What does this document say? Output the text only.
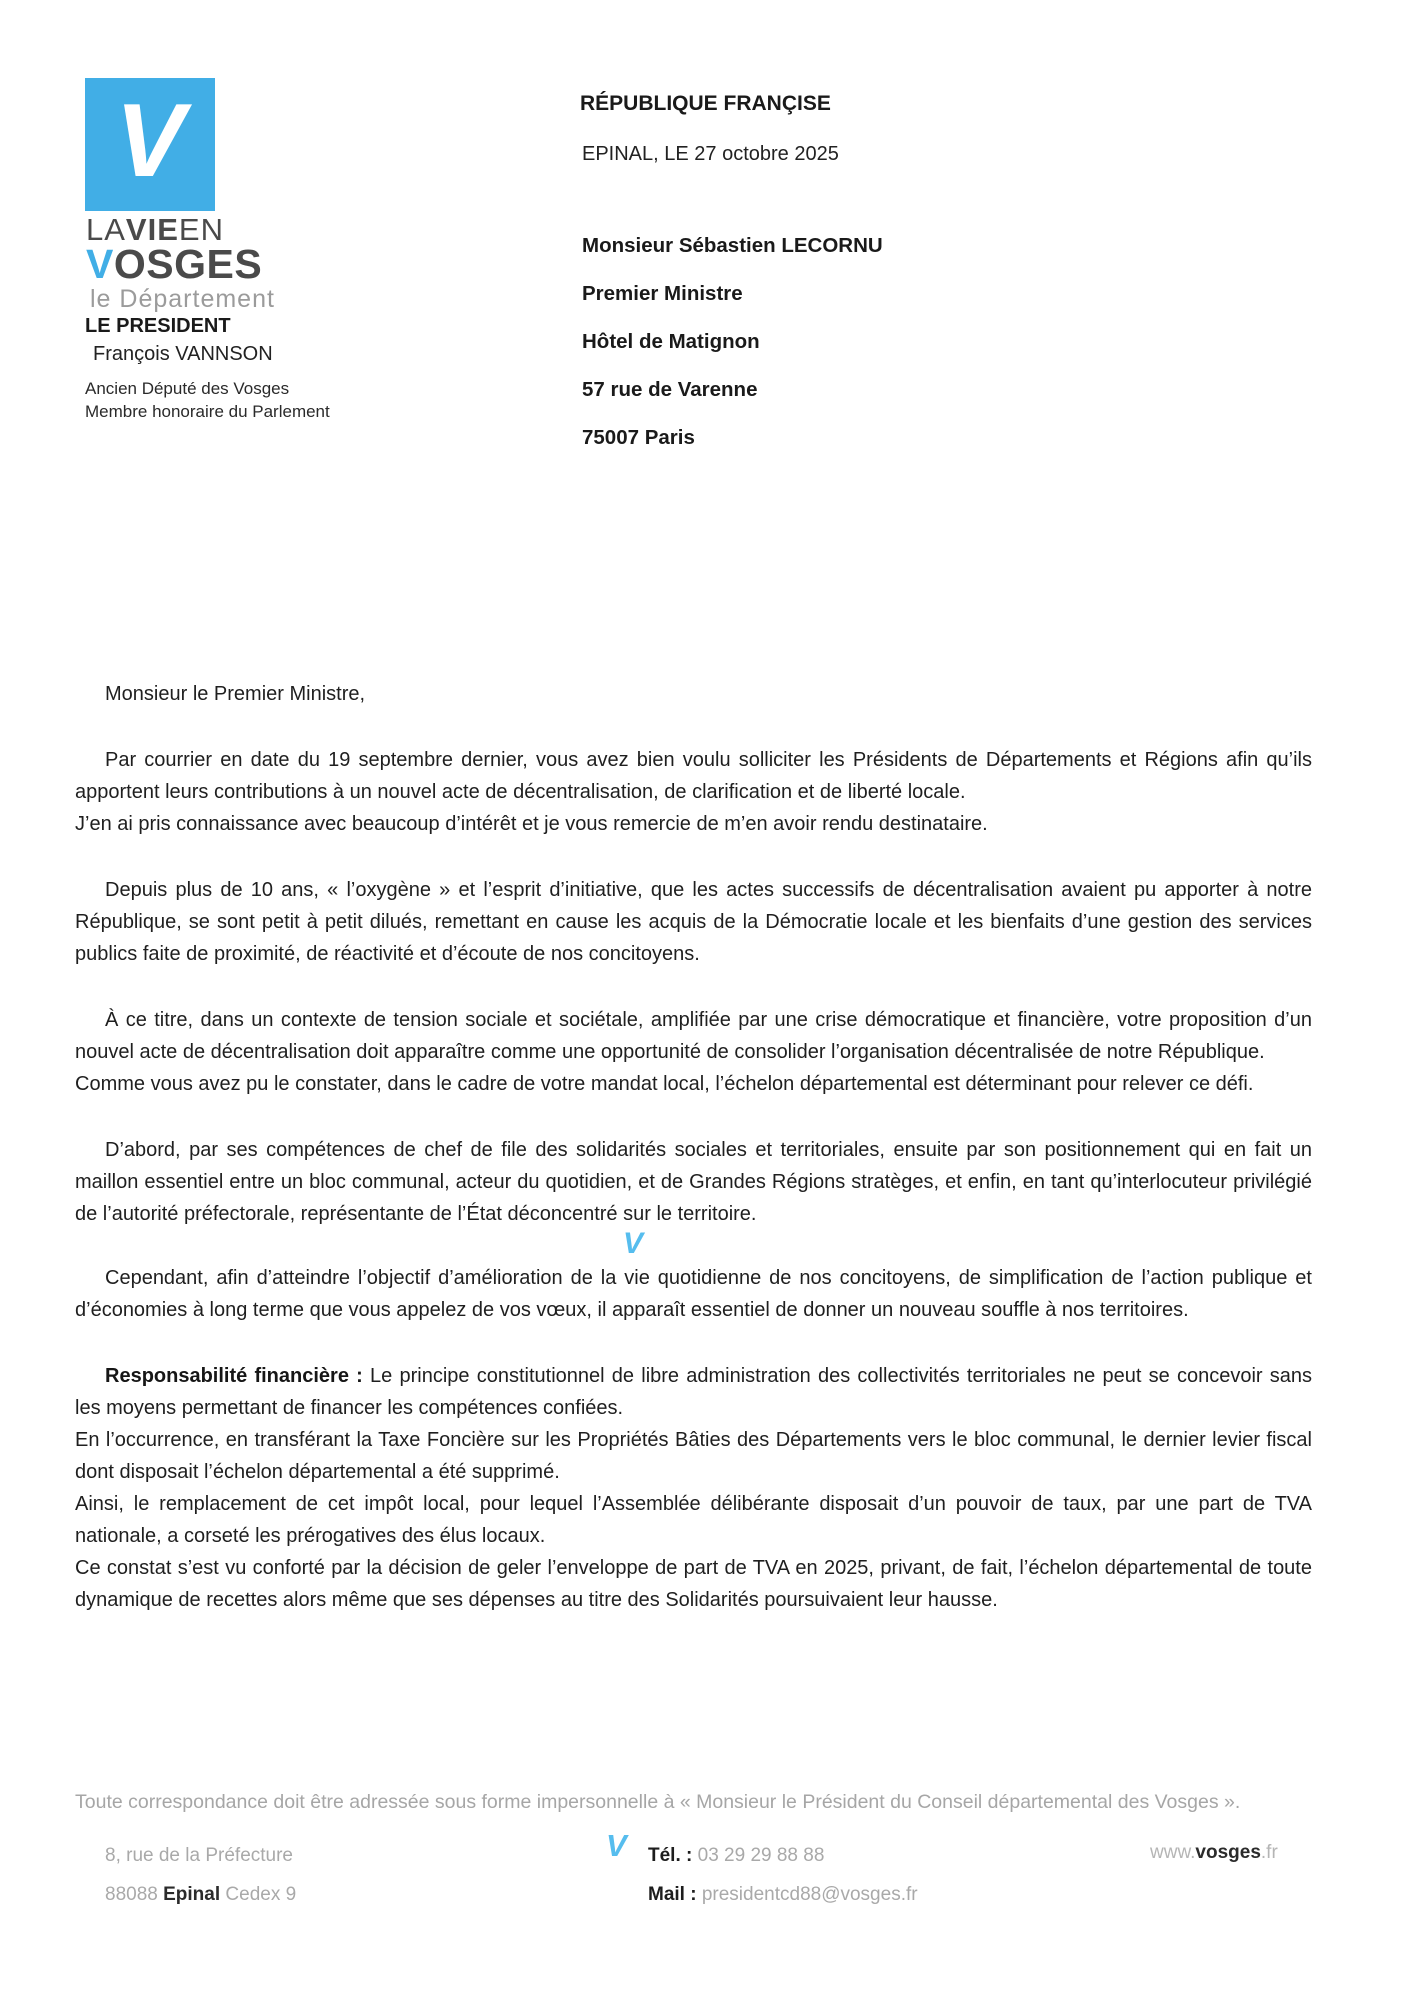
V
LAVIEEN
VOSGES
le Département
LE PRESIDENT
François VANNSON
Ancien Député des Vosges
Membre honoraire du Parlement
RÉPUBLIQUE FRANÇISE
EPINAL, LE 27 octobre 2025
Monsieur Sébastien LECORNU
Premier Ministre
Hôtel de Matignon
57 rue de Varenne
75007 Paris
Monsieur le Premier Ministre,
Par courrier en date du 19 septembre dernier, vous avez bien voulu solliciter les Présidents de Départements et Régions afin qu’ils apportent leurs contributions à un nouvel acte de décentralisation, de clarification et de liberté locale.
J’en ai pris connaissance avec beaucoup d’intérêt et je vous remercie de m’en avoir rendu destinataire.
Depuis plus de 10 ans, « l’oxygène » et l’esprit d’initiative, que les actes successifs de décentralisation avaient pu apporter à notre République, se sont petit à petit dilués, remettant en cause les acquis de la Démocratie locale et les bienfaits d’une gestion des services publics faite de proximité, de réactivité et d’écoute de nos concitoyens.
À ce titre, dans un contexte de tension sociale et sociétale, amplifiée par une crise démocratique et financière, votre proposition d’un nouvel acte de décentralisation doit apparaître comme une opportunité de consolider l’organisation décentralisée de notre République.
Comme vous avez pu le constater, dans le cadre de votre mandat local, l’échelon départemental est déterminant pour relever ce défi.
D’abord, par ses compétences de chef de file des solidarités sociales et territoriales, ensuite par son positionnement qui en fait un maillon essentiel entre un bloc communal, acteur du quotidien, et de Grandes Régions stratèges, et enfin, en tant qu’interlocuteur privilégié de l’autorité préfectorale, représentante de l’État déconcentré sur le territoire.
V
Cependant, afin d’atteindre l’objectif d’amélioration de la vie quotidienne de nos concitoyens, de simplification de l’action publique et d’économies à long terme que vous appelez de vos vœux, il apparaît essentiel de donner un nouveau souffle à nos territoires.
Responsabilité financière : Le principe constitutionnel de libre administration des collectivités territoriales ne peut se concevoir sans les moyens permettant de financer les compétences confiées.
En l’occurrence, en transférant la Taxe Foncière sur les Propriétés Bâties des Départements vers le bloc communal, le dernier levier fiscal dont disposait l’échelon départemental a été supprimé.
Ainsi, le remplacement de cet impôt local, pour lequel l’Assemblée délibérante disposait d’un pouvoir de taux, par une part de TVA nationale, a corseté les prérogatives des élus locaux.
Ce constat s’est vu conforté par la décision de geler l’enveloppe de part de TVA en 2025, privant, de fait, l’échelon départemental de toute dynamique de recettes alors même que ses dépenses au titre des Solidarités poursuivaient leur hausse.
Toute correspondance doit être adressée sous forme impersonnelle à « Monsieur le Président du Conseil départemental des Vosges ».
8, rue de la Préfecture
88088 Epinal Cedex 9
V Tél. : 03 29 29 88 88
Mail : presidentcd88@vosges.fr
www.vosges.fr
